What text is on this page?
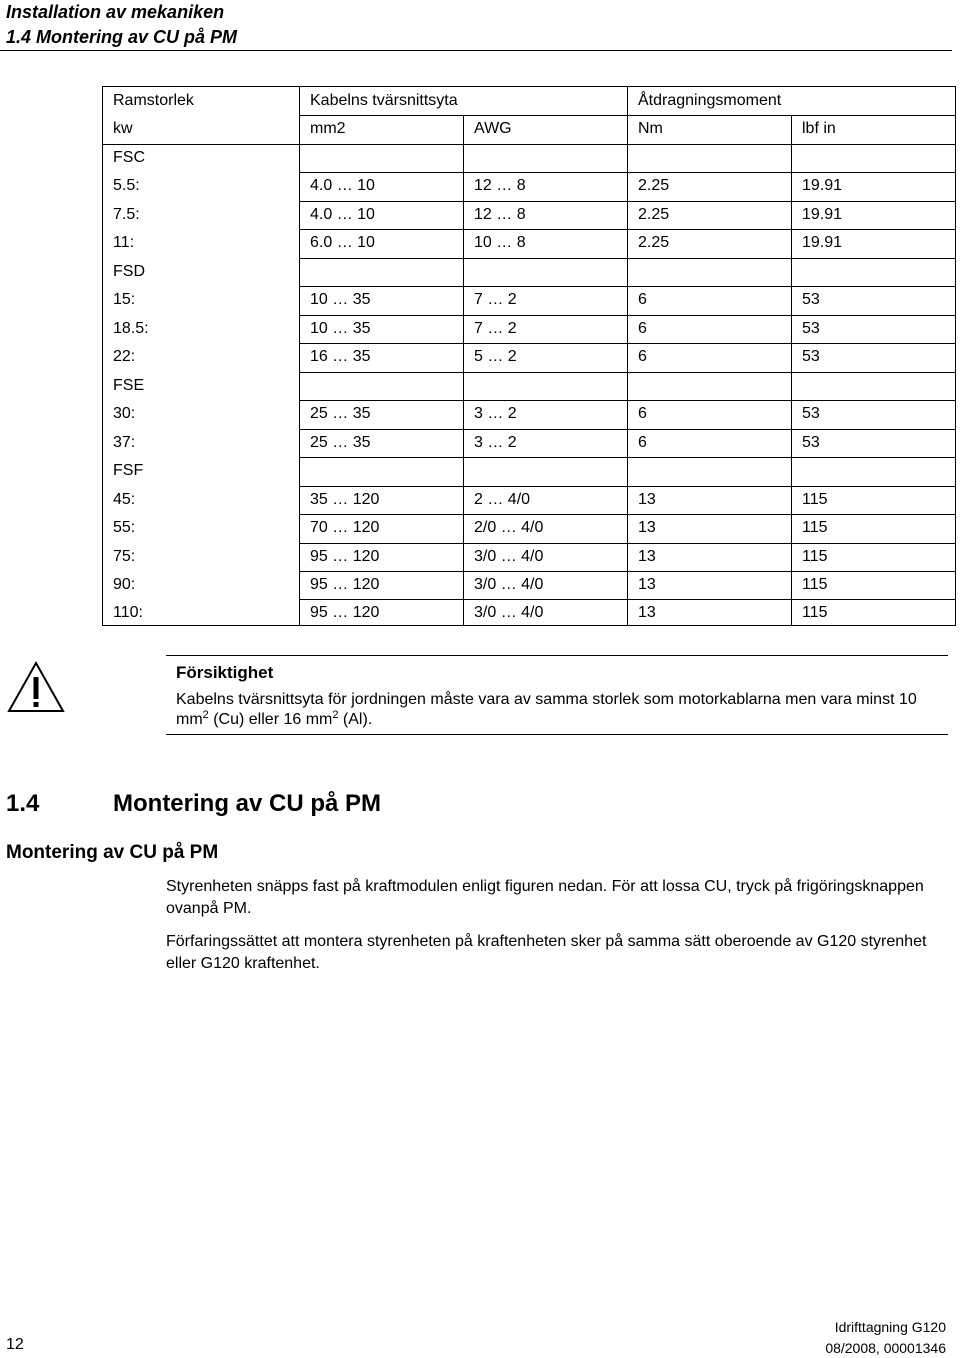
Installation av mekaniken
1.4 Montering av CU på PM
Ramstorlek	Kabelns tvärsnittsyta	Åtdragningsmoment
kw	mm2	AWG	Nm	lbf in
FSC
5.5:	4.0 … 10	12 … 8	2.25	19.91
7.5:	4.0 … 10	12 … 8	2.25	19.91
11:	6.0 … 10	10 … 8	2.25	19.91
FSD
15:	10 … 35	7 … 2	6	53
18.5:	10 … 35	7 … 2	6	53
22:	16 … 35	5 … 2	6	53
FSE
30:	25 … 35	3 … 2	6	53
37:	25 … 35	3 … 2	6	53
FSF
45:	35 … 120	2 … 4/0	13	115
55:	70 … 120	2/0 … 4/0	13	115
75:	95 … 120	3/0 … 4/0	13	115
90:	95 … 120	3/0 … 4/0	13	115
110:	95 … 120	3/0 … 4/0	13	115
Försiktighet
Kabelns tvärsnittsyta för jordningen måste vara av samma storlek som motorkablarna men vara minst 10 $mm^2$ (Cu) eller 16 $mm^2$ (Al).
1.4	Montering av CU på PM
Montering av CU på PM
Styrenheten snäpps fast på kraftmodulen enligt figuren nedan. För att lossa CU, tryck på frigöringsknappen ovanpå PM.
Förfaringssättet att montera styrenheten på kraftenheten sker på samma sätt oberoende av G120 styrenhet eller G120 kraftenhet.
12
Idrifttagning G120
08/2008, 00001346
